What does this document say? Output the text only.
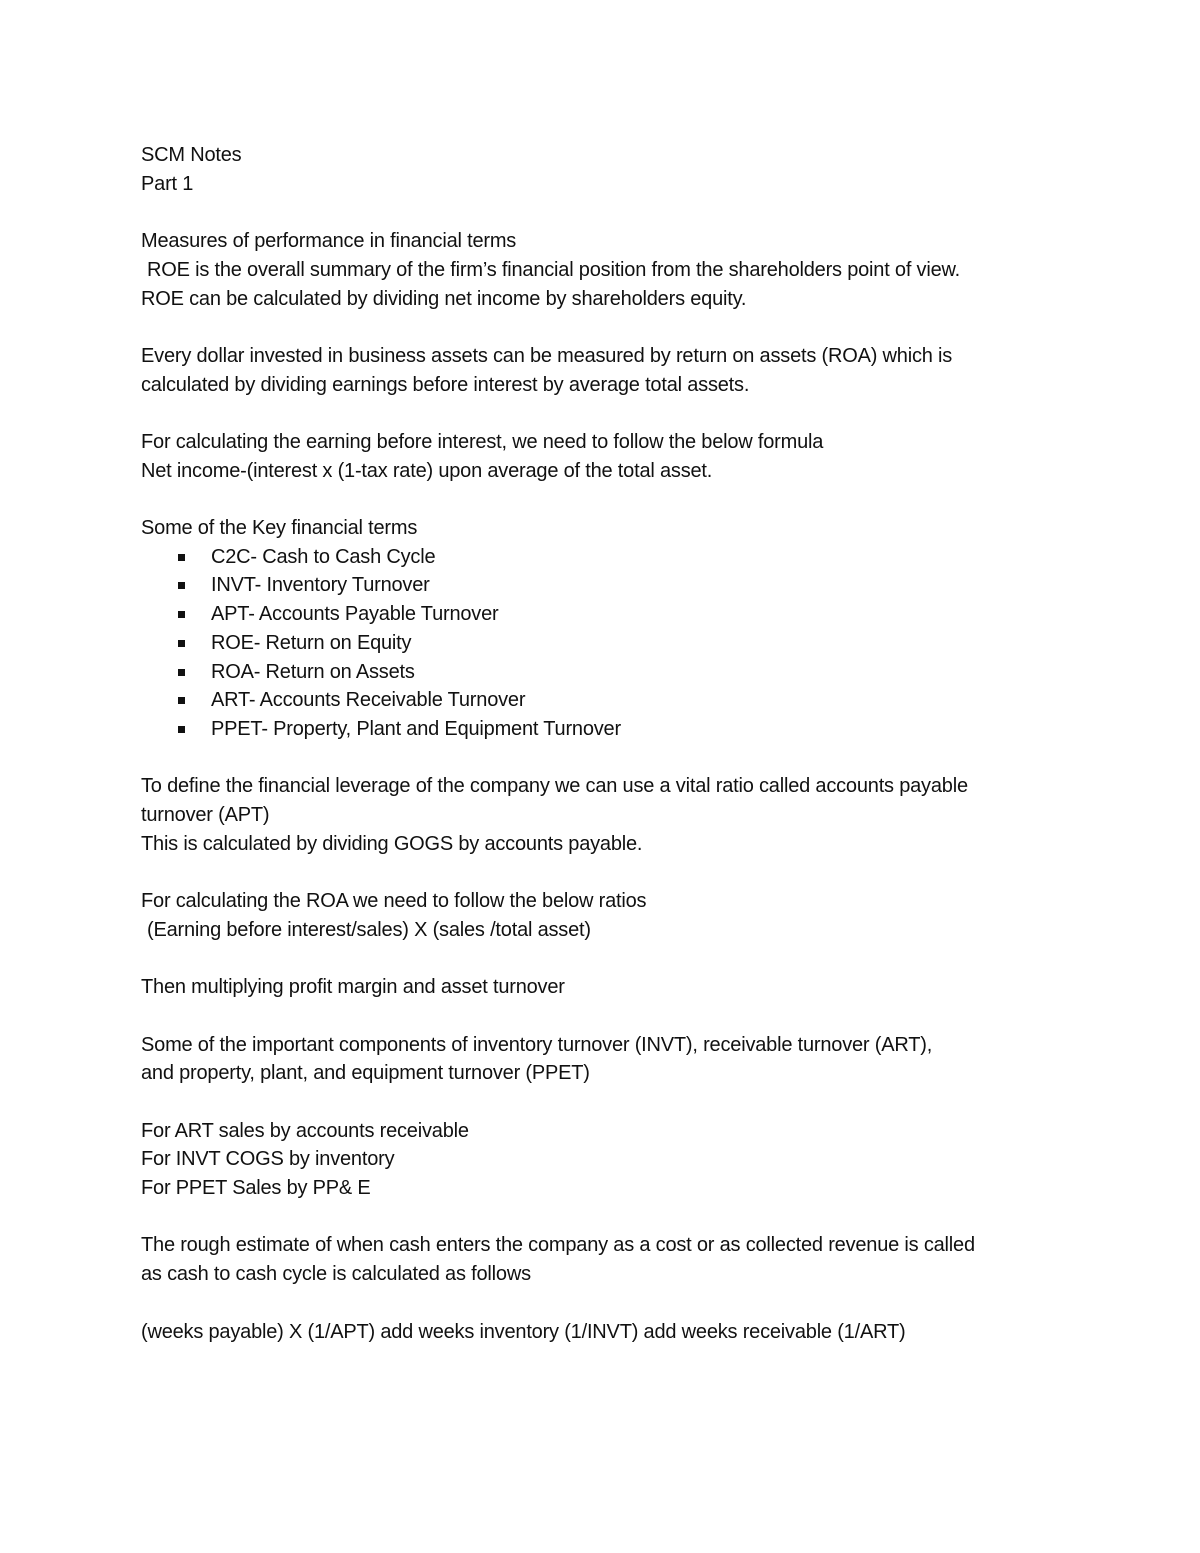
SCM Notes
Part 1
Measures of performance in financial terms
ROE is the overall summary of the firm’s financial position from the shareholders point of view.
ROE can be calculated by dividing net income by shareholders equity.
Every dollar invested in business assets can be measured by return on assets (ROA) which is
calculated by dividing earnings before interest by average total assets.
For calculating the earning before interest, we need to follow the below formula
Net income-(interest x (1-tax rate) upon average of the total asset.
Some of the Key financial terms
C2C- Cash to Cash Cycle
INVT- Inventory Turnover
APT- Accounts Payable Turnover
ROE- Return on Equity
ROA- Return on Assets
ART- Accounts Receivable Turnover
PPET- Property, Plant and Equipment Turnover
To define the financial leverage of the company we can use a vital ratio called accounts payable
turnover (APT)
This is calculated by dividing GOGS by accounts payable.
For calculating the ROA we need to follow the below ratios
(Earning before interest/sales) X (sales /total asset)
Then multiplying profit margin and asset turnover
Some of the important components of inventory turnover (INVT), receivable turnover (ART),
and property, plant, and equipment turnover (PPET)
For ART sales by accounts receivable
For INVT COGS by inventory
For PPET Sales by PP& E
The rough estimate of when cash enters the company as a cost or as collected revenue is called
as cash to cash cycle is calculated as follows
(weeks payable) X (1/APT) add weeks inventory (1/INVT) add weeks receivable (1/ART)
